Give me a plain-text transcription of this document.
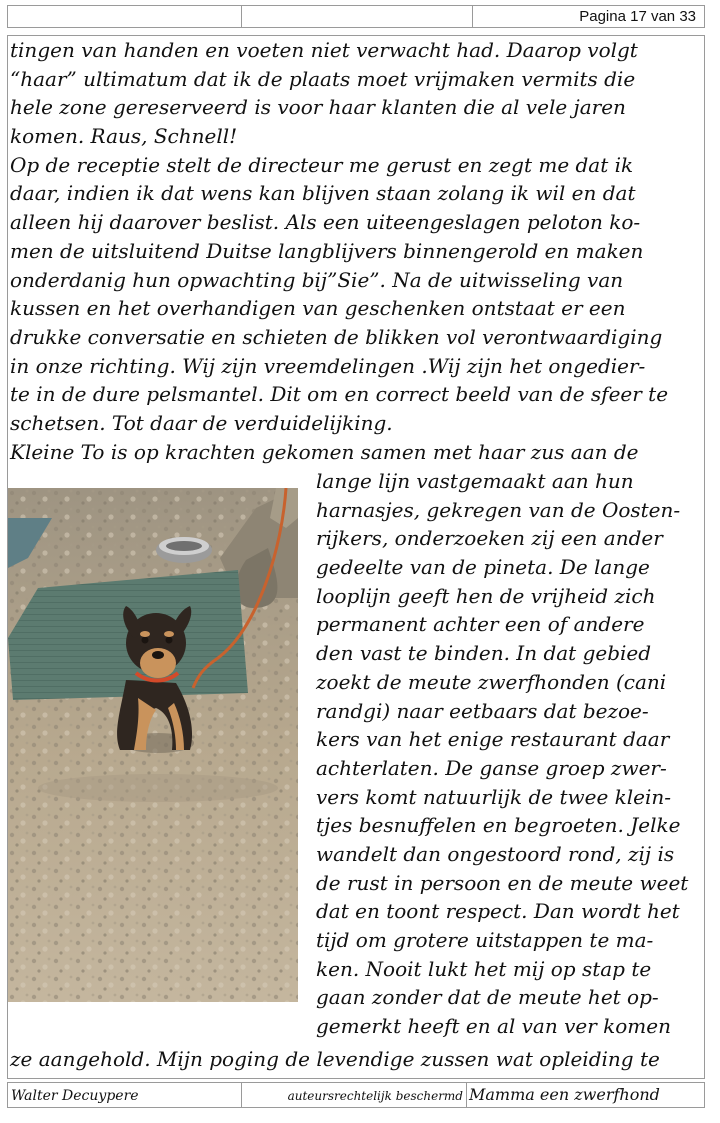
Pagina 17 van 33
tingen van handen en voeten niet verwacht had. Daarop volgt
“haar” ultimatum dat ik de plaats moet vrijmaken vermits die
hele zone gereserveerd is voor haar klanten die al vele jaren
komen. Raus, Schnell!
Op de receptie stelt de directeur me gerust en zegt me dat ik
daar, indien ik dat wens kan blijven staan zolang ik wil en dat
alleen hij daarover beslist. Als een uiteengeslagen peloton ko-
men de uitsluitend Duitse langblijvers binnengerold en maken
onderdanig hun opwachting bij”Sie”. Na de uitwisseling van
kussen en het overhandigen van geschenken ontstaat er een
drukke conversatie en schieten de blikken vol verontwaardiging
in onze richting. Wij zijn vreemdelingen .Wij zijn het ongedier-
te in de dure pelsmantel. Dit om en correct beeld van de sfeer te
schetsen. Tot daar de verduidelijking.
Kleine To is op krachten gekomen samen met haar zus aan de
lange lijn vastgemaakt aan hun
harnasjes, gekregen van de Oosten-
rijkers, onderzoeken zij een ander
gedeelte van de pineta. De lange
looplijn geeft hen de vrijheid zich
permanent achter een of andere
den vast te binden. In dat gebied
zoekt de meute zwerfhonden (cani
randgi) naar eetbaars dat bezoe-
kers van het enige restaurant daar
achterlaten. De ganse groep zwer-
vers komt natuurlijk de twee klein-
tjes besnuffelen en begroeten. Jelke
wandelt dan ongestoord rond, zij is
de rust in persoon en de meute weet
dat en toont respect. Dan wordt het
tijd om grotere uitstappen te ma-
ken. Nooit lukt het mij op stap te
gaan zonder dat de meute het op-
gemerkt heeft en al van ver komen
ze aangehold. Mijn poging de levendige zussen wat opleiding te
Walter Decuypere	auteursrechtelijk beschermd Mamma een zwerfhond
